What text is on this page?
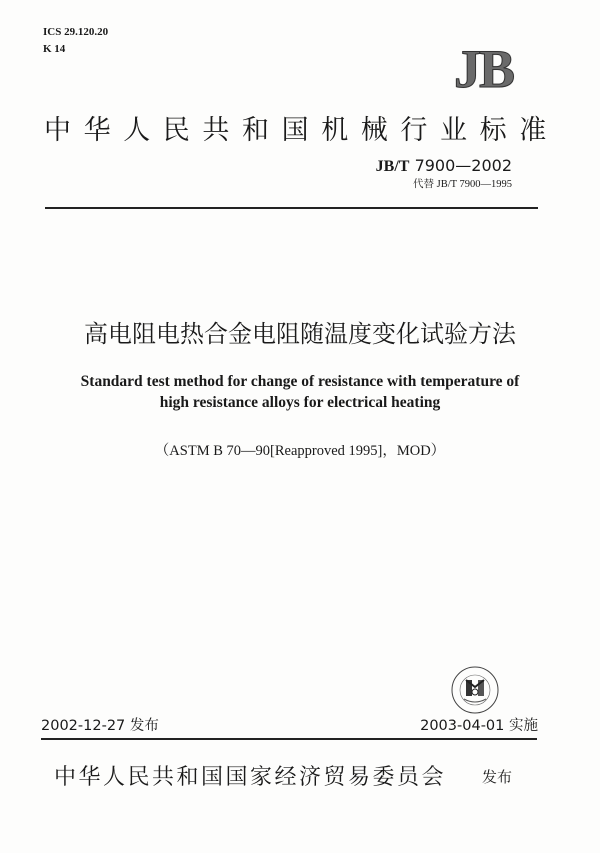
ICS 29.120.20
K 14	JB
中华人民共和国机械行业标准
JB/T 7900—2002
代替 JB/T 7900—1995
高电阻电热合金电阻随温度变化试验方法
Standard test method for change of resistance with temperature of
high resistance alloys for electrical heating
（ASTM B 70—90[Reapproved 1995]，MOD）
2002-12-27 发布	2003-04-01 实施
中华人民共和国国家经济贸易委员会 发布
